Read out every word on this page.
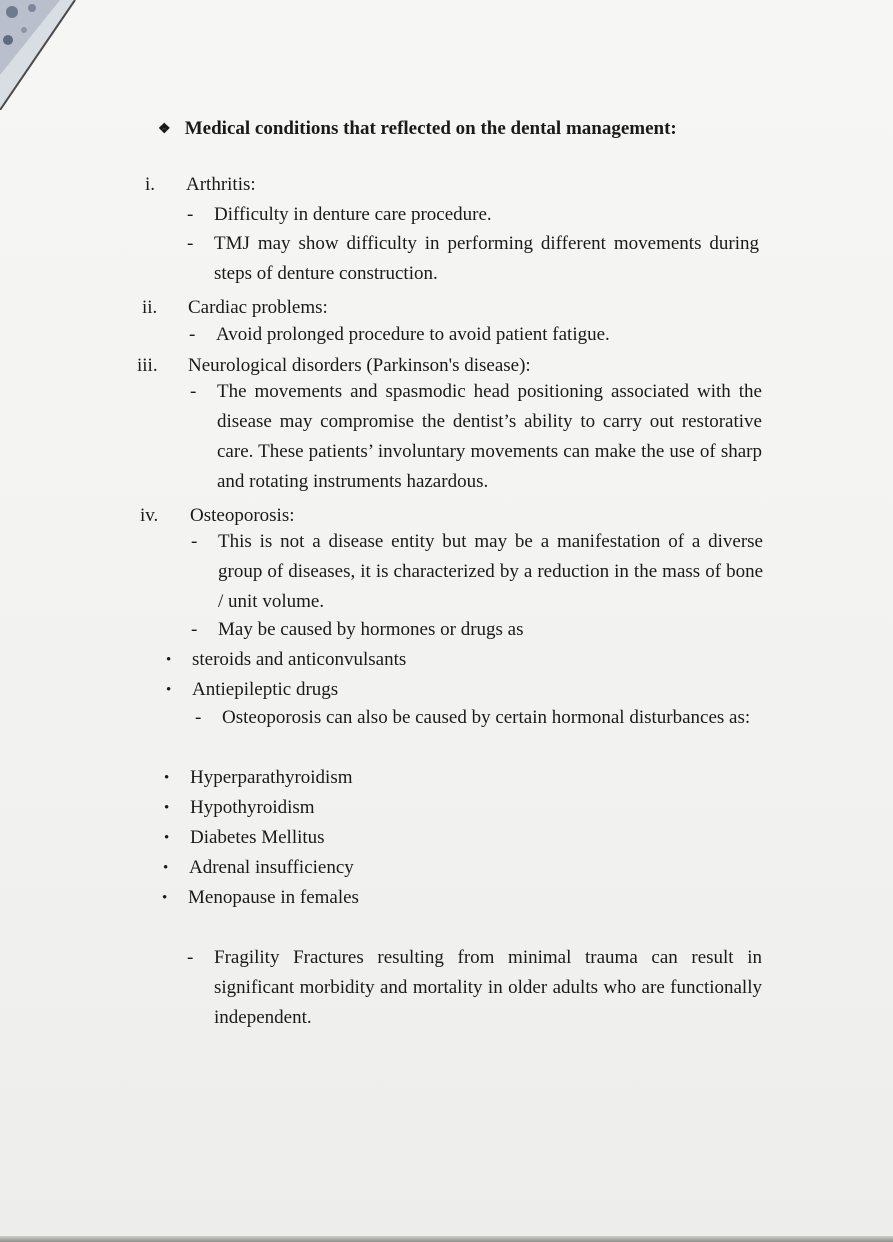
❖ Medical conditions that reflected on the dental management:
i. Arthritis:
- Difficulty in denture care procedure.
- TMJ may show difficulty in performing different movements during steps of denture construction.
ii. Cardiac problems:
- Avoid prolonged procedure to avoid patient fatigue.
iii. Neurological disorders (Parkinson's disease):
- The movements and spasmodic head positioning associated with the disease may compromise the dentist’s ability to carry out restorative care. These patients’ involuntary movements can make the use of sharp and rotating instruments hazardous.
iv. Osteoporosis:
- This is not a disease entity but may be a manifestation of a diverse group of diseases, it is characterized by a reduction in the mass of bone / unit volume.
- May be caused by hormones or drugs as
• steroids and anticonvulsants
• Antiepileptic drugs
- Osteoporosis can also be caused by certain hormonal disturbances as:
• Hyperparathyroidism
• Hypothyroidism
• Diabetes Mellitus
• Adrenal insufficiency
• Menopause in females
- Fragility Fractures resulting from minimal trauma can result in significant morbidity and mortality in older adults who are functionally independent.
